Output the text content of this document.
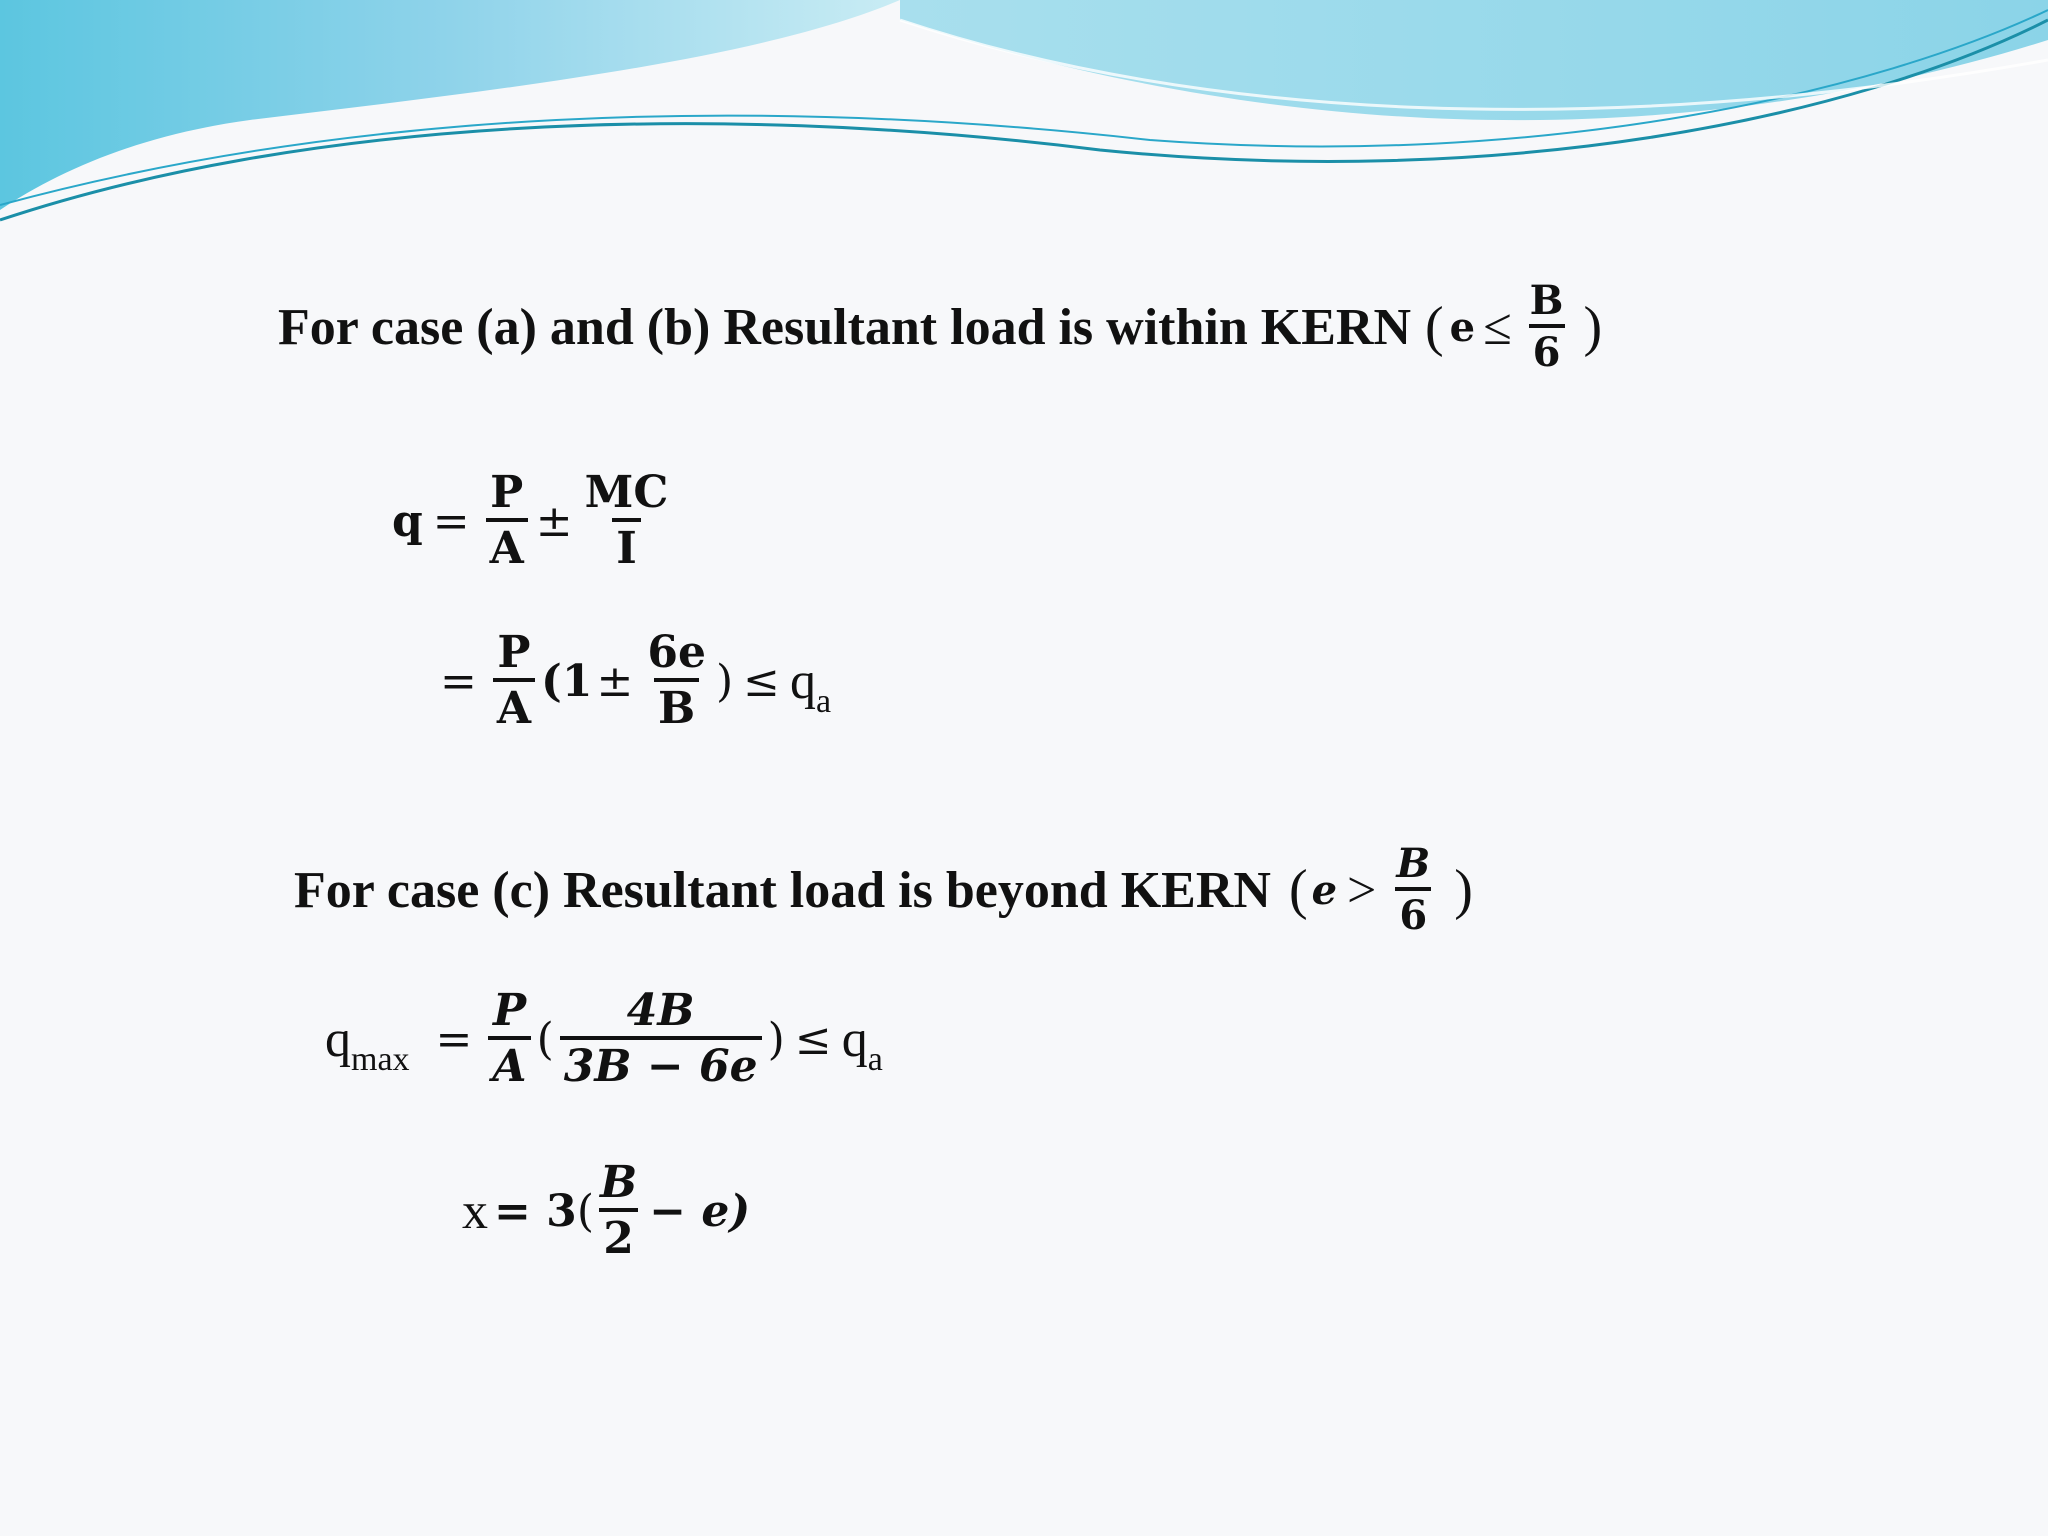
For case (a) and (b) Resultant load is within KERN ( $e \le \frac{B}{6}$ )
$q = \frac{P}{A} \pm \frac{MC}{I}$
= $\frac{P}{A} (1 \pm \frac{6e}{B}$ ) ≤ $q_a$
For case (c) Resultant load is beyond KERN ( $e > \frac{B}{6}$ )
$q_{max} = \frac{P}{A}$ ( $\frac{4B}{3B - 6e}$ ) ≤ $q_a$
x = 3 ( $\frac{B}{2} - e$)
